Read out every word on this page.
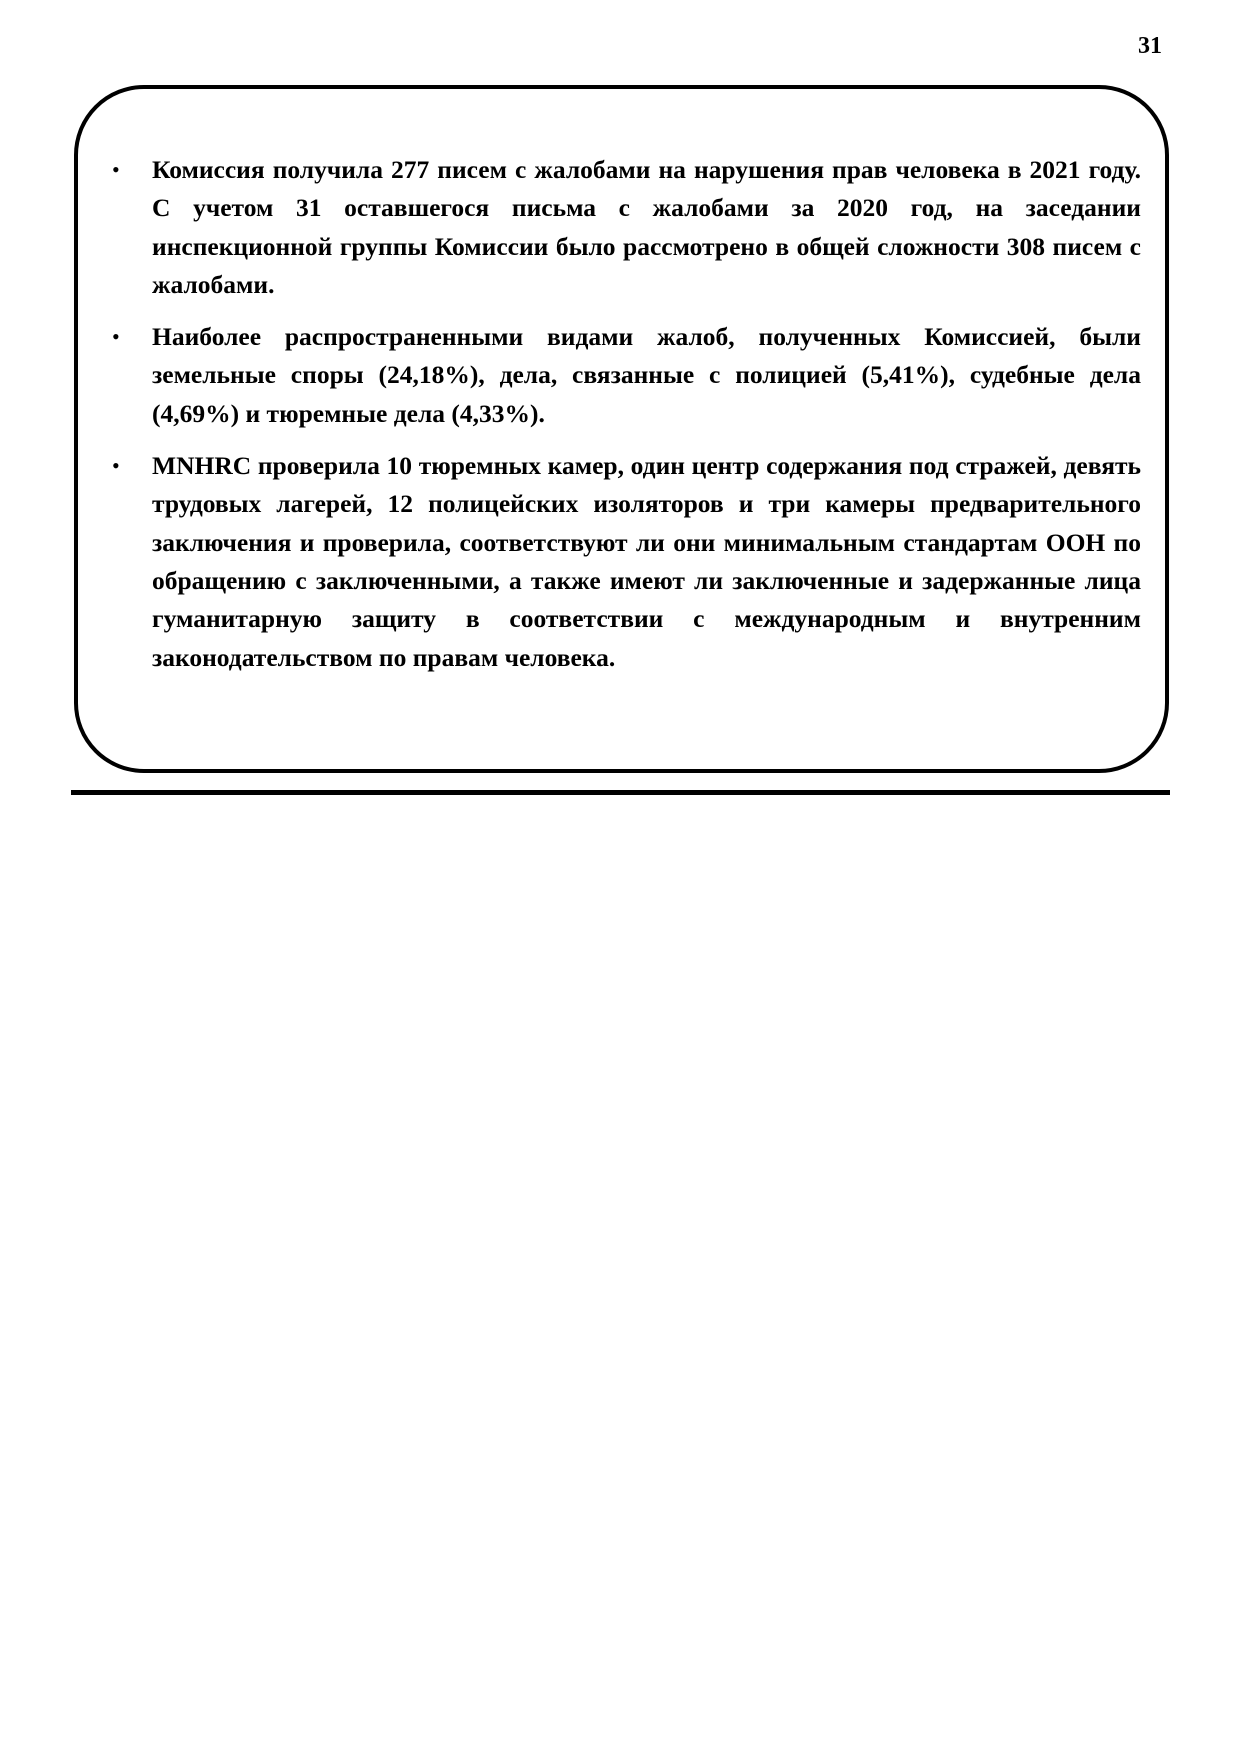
31
•	Комиссия получила 277 писем с жалобами на нарушения прав человека в 2021 году. С учетом 31 оставшегося письма с жалобами за 2020 год, на заседании инспекционной группы Комиссии было рассмотрено в общей сложности 308 писем с жалобами.
•	Наиболее распространенными видами жалоб, полученных Комиссией, были земельные споры (24,18%), дела, связанные с полицией (5,41%), судебные дела (4,69%) и тюремные дела (4,33%).
•	MNHRC проверила 10 тюремных камер, один центр содержания под стражей, девять трудовых лагерей, 12 полицейских изоляторов и три камеры предварительного заключения и проверила, соответствуют ли они минимальным стандартам ООН по обращению с заключенными, а также имеют ли заключенные и задержанные лица гуманитарную защиту в соответствии с международным и внутренним законодательством по правам человека.
